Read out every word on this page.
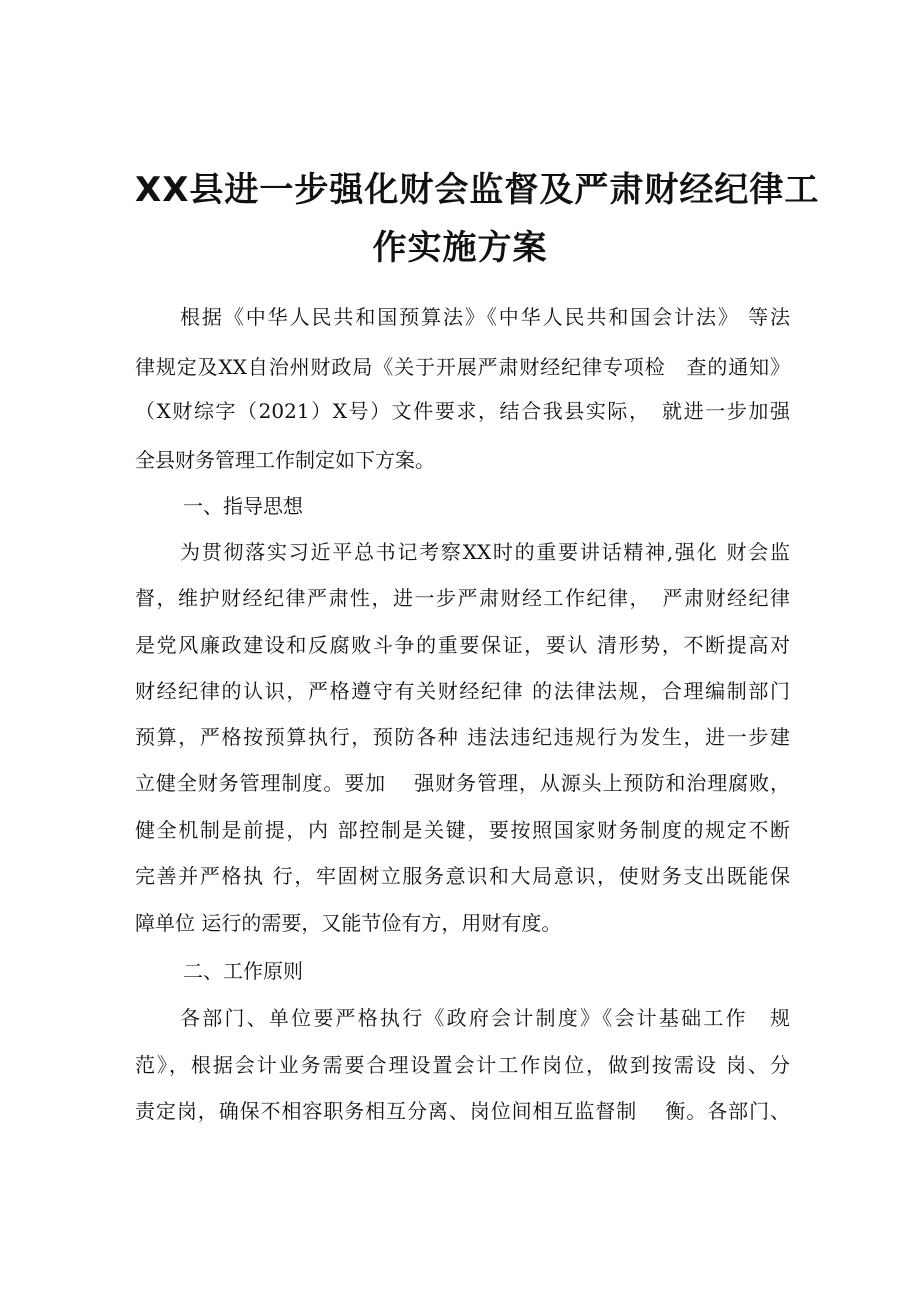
XX县进一步强化财会监督及严肃财经纪律工
作实施方案
根据《中华人民共和国预算法》《中华人民共和国会计法》 等法
律规定及XX自治州财政局《关于开展严肃财经纪律专项检　查的通知》
（X财综字（2021）X号）文件要求，结合我县实际，　就进一步加强
全县财务管理工作制定如下方案。
一、指导思想
为贯彻落实习近平总书记考察XX时的重要讲话精神,强化 财会监
督，维护财经纪律严肃性，进一步严肃财经工作纪律，　严肃财经纪律
是党风廉政建设和反腐败斗争的重要保证，要认 清形势，不断提高对
财经纪律的认识，严格遵守有关财经纪律 的法律法规，合理编制部门
预算，严格按预算执行，预防各种 违法违纪违规行为发生，进一步建
立健全财务管理制度。要加　 强财务管理，从源头上预防和治理腐败，
健全机制是前提，内 部控制是关键，要按照国家财务制度的规定不断
完善并严格执 行，牢固树立服务意识和大局意识，使财务支出既能保
障单位 运行的需要，又能节俭有方，用财有度。
二、工作原则
各部门、单位要严格执行《政府会计制度》《会计基础工作　规
范》，根据会计业务需要合理设置会计工作岗位，做到按需设 岗、分
责定岗，确保不相容职务相互分离、岗位间相互监督制　 衡。各部门、
